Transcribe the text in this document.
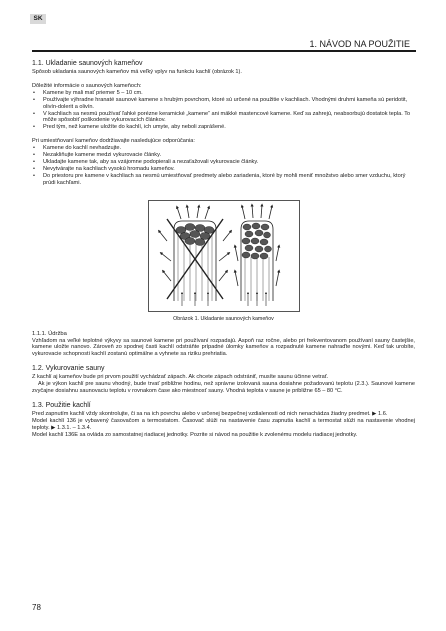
SK
1. NÁVOD NA POUŽITIE
1.1. Ukladanie saunových kameňov

Spôsob ukladania saunových kameňov má veľký vplyv na funkciu kachlí (obrázok 1).

Dôležité informácie o saunových kameňoch:

• Kamene by mali mať priemer 5 – 10 cm.
• Používajte výhradne hranaté saunové kamene s hrubým povrchom, ktoré sú určené na použitie v kachliach. Vhodnými druhmi kameňa sú peridotit, olivín-dolerit a olivín.
• V kachliach sa nesmú používať ľahké porézne keramické „kamene“ ani mäkké mastencové kamene. Keď sa zahrejú, neabsorbujú dostatok tepla. To môže spôsobiť poškodenie vykurovacích článkov.
• Pred tým, než kamene uložíte do kachlí, ich umyte, aby neboli zaprášené.

Pri umiestňovaní kameňov dodržiavajte nasledujúce odporúčania:

• Kamene do kachlí nevhadzujte.
• Nezakliňujte kamene medzi vykurovacie články.
• Ukladajte kamene tak, aby sa vzájomne podopierali a nezaťažovali vykurovacie články.
• Nevytvárajte na kachliach vysokú hromadu kameňov.
• Do priestoru pre kamene v kachliach sa nesmú umiestňovať predmety alebo zariadenia, ktoré by mohli meniť množstvo alebo smer vzduchu, ktorý prúdi kachľami.
Obrázok 1. Ukladanie saunových kameňov
1.1.1. Údržba

Vzhľadom na veľké teplotné výkyvy sa saunové kamene pri používaní rozpadajú. Aspoň raz ročne, alebo pri frekventovanom používaní sauny častejšie, kamene uložte nanovo. Zároveň zo spodnej časti kachlí odstráňte prípadné úlomky kameňov a rozpadnuté kamene nahraďte novými. Keď tak urobíte, vykurovacie schopnosti kachlí zostanú optimálne a vyhnete sa riziku prehriatia.

1.2. Vykurovanie sauny

Z kachlí aj kameňov bude pri prvom použití vychádzať zápach. Ak chcete zápach odstrániť, musíte saunu účinne vetrať.

Ak je výkon kachlí pre saunu vhodný, bude trvať približne hodinu, než správne izolovaná sauna dosiahne požadovanú teplotu (2.3.). Saunové kamene zvyčajne dosiahnu saunovaciu teplotu v rovnakom čase ako miestnosť sauny. Vhodná teplota v saune je približne 65 – 80 °C.

1.3. Použitie kachlí

Pred zapnutím kachlí vždy skontrolujte, či sa na ich povrchu alebo v určenej bezpečnej vzdialenosti od nich nenachádza žiadny predmet. ▶ 1.6.

Model kachlí 136 je vybavený časovačom a termostatom. Časovač slúži na nastavenie času zapnutia kachlí a termostat slúži na nastavenie vhodnej teploty. ▶ 1.3.1. – 1.3.4.

Model kachlí 136E sa ovláda zo samostatnej riadiacej jednotky. Pozrite si návod na použitie k zvolenému modelu riadiacej jednotky.

78
